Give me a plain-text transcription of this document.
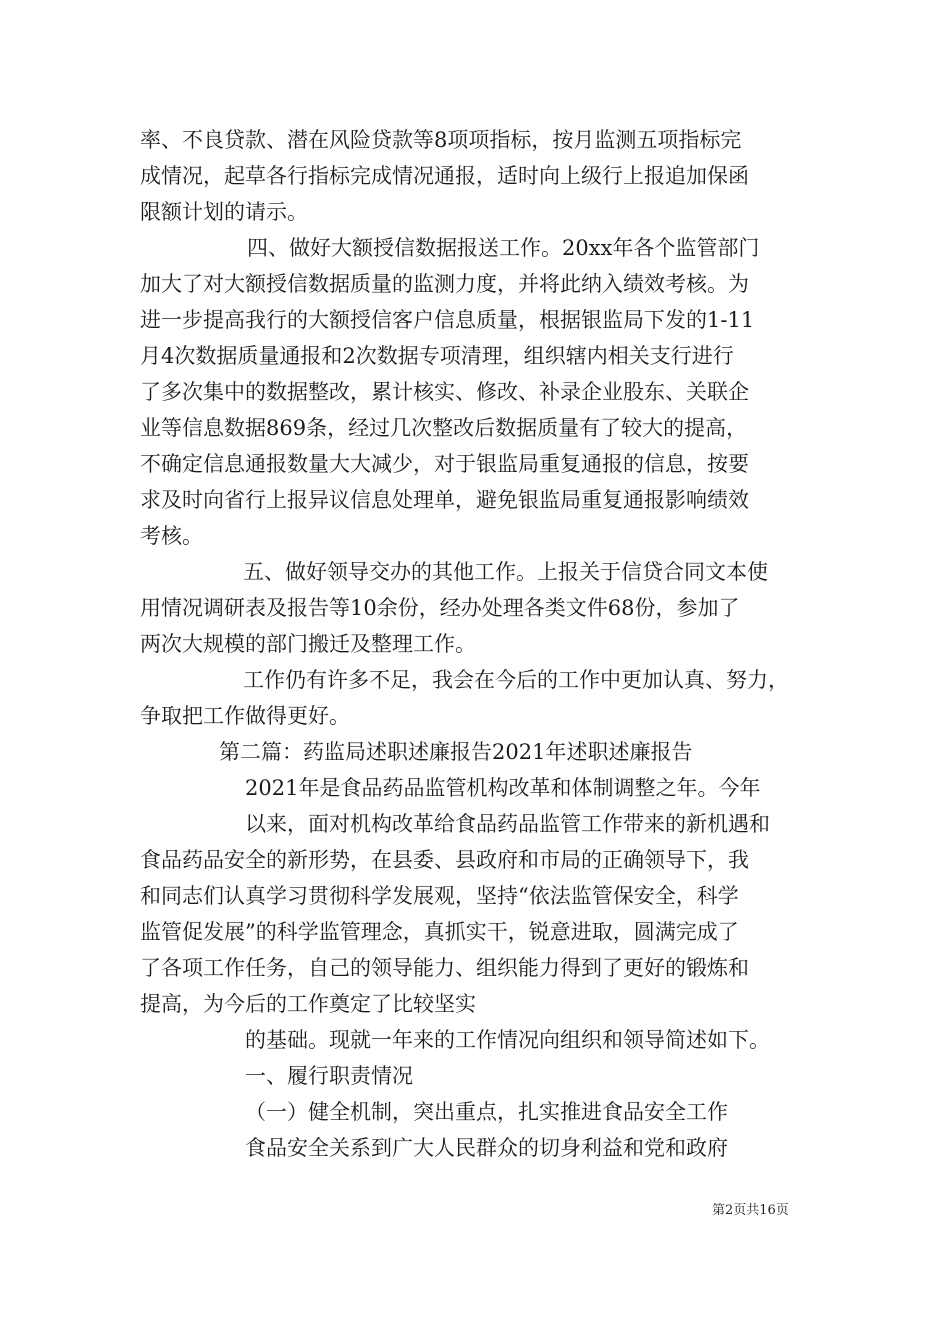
率、不良贷款、潜在风险贷款等8项项指标，按月监测五项指标完
成情况，起草各行指标完成情况通报，适时向上级行上报追加保函
限额计划的请示。
四、做好大额授信数据报送工作。20xx年各个监管部门
加大了对大额授信数据质量的监测力度，并将此纳入绩效考核。为
进一步提高我行的大额授信客户信息质量，根据银监局下发的1-11
月4次数据质量通报和2次数据专项清理，组织辖内相关支行进行
了多次集中的数据整改，累计核实、修改、补录企业股东、关联企
业等信息数据869条，经过几次整改后数据质量有了较大的提高，
不确定信息通报数量大大减少，对于银监局重复通报的信息，按要
求及时向省行上报异议信息处理单，避免银监局重复通报影响绩效
考核。
五、做好领导交办的其他工作。上报关于信贷合同文本使
用情况调研表及报告等10余份，经办处理各类文件68份，参加了
两次大规模的部门搬迁及整理工作。
工作仍有许多不足，我会在今后的工作中更加认真、努力，
争取把工作做得更好。
第二篇：药监局述职述廉报告2021年述职述廉报告
2021年是食品药品监管机构改革和体制调整之年。今年
以来，面对机构改革给食品药品监管工作带来的新机遇和
食品药品安全的新形势，在县委、县政府和市局的正确领导下，我
和同志们认真学习贯彻科学发展观，坚持“依法监管保安全，科学
监管促发展”的科学监管理念，真抓实干，锐意进取，圆满完成了
了各项工作任务，自己的领导能力、组织能力得到了更好的锻炼和
提高，为今后的工作奠定了比较坚实
的基础。现就一年来的工作情况向组织和领导简述如下。
一、履行职责情况
（一）健全机制，突出重点，扎实推进食品安全工作
食品安全关系到广大人民群众的切身利益和党和政府
第2页共16页
